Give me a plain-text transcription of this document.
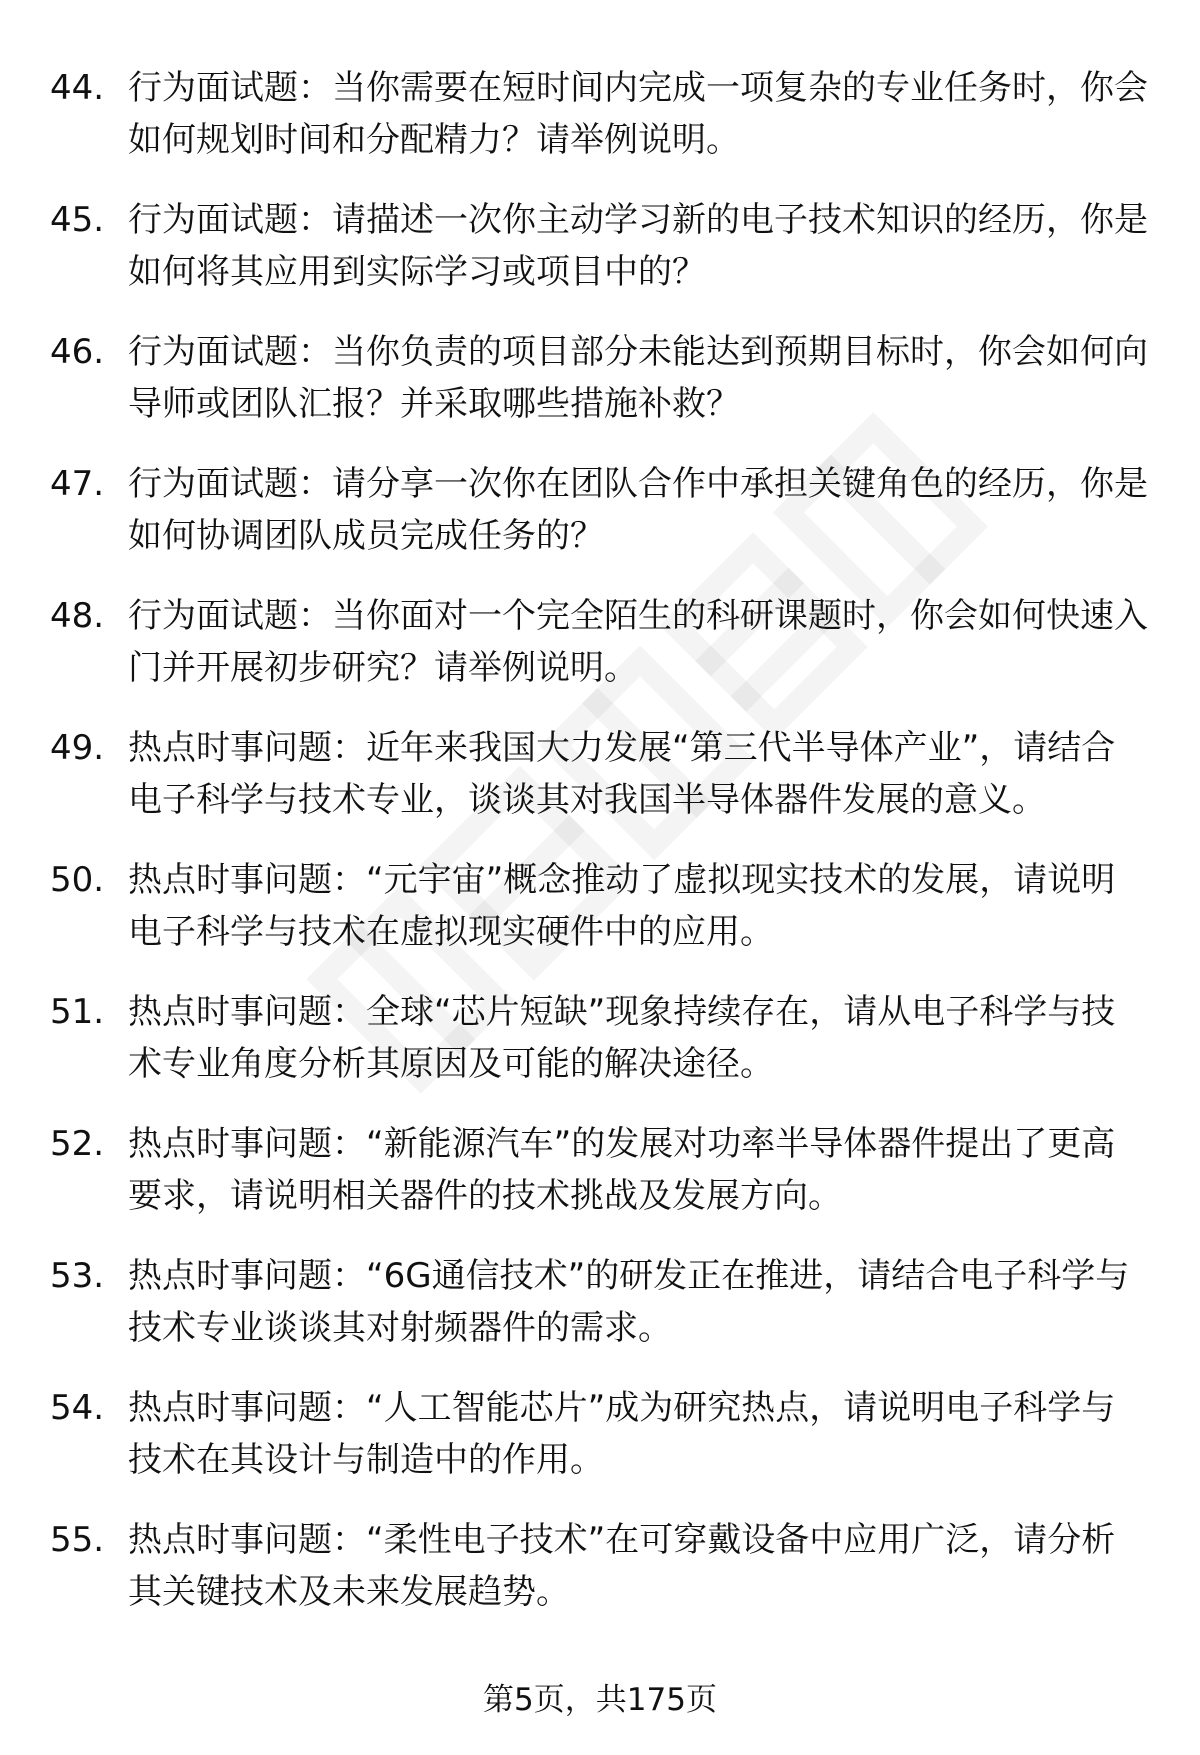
44. 行为面试题：当你需要在短时间内完成一项复杂的专业任务时，你会如何规划时间和分配精力？请举例说明。
45. 行为面试题：请描述一次你主动学习新的电子技术知识的经历，你是如何将其应用到实际学习或项目中的？
46. 行为面试题：当你负责的项目部分未能达到预期目标时，你会如何向导师或团队汇报？并采取哪些措施补救？
47. 行为面试题：请分享一次你在团队合作中承担关键角色的经历，你是如何协调团队成员完成任务的？
48. 行为面试题：当你面对一个完全陌生的科研课题时，你会如何快速入门并开展初步研究？请举例说明。
49. 热点时事问题：近年来我国大力发展“第三代半导体产业”，请结合电子科学与技术专业，谈谈其对我国半导体器件发展的意义。
50. 热点时事问题：“元宇宙”概念推动了虚拟现实技术的发展，请说明电子科学与技术在虚拟现实硬件中的应用。
51. 热点时事问题：全球“芯片短缺”现象持续存在，请从电子科学与技术专业角度分析其原因及可能的解决途径。
52. 热点时事问题：“新能源汽车”的发展对功率半导体器件提出了更高要求，请说明相关器件的技术挑战及发展方向。
53. 热点时事问题：“6G通信技术”的研发正在推进，请结合电子科学与技术专业谈谈其对射频器件的需求。
54. 热点时事问题：“人工智能芯片”成为研究热点，请说明电子科学与技术在其设计与制造中的作用。
55. 热点时事问题：“柔性电子技术”在可穿戴设备中应用广泛，请分析其关键技术及未来发展趋势。
第5页，共175页
